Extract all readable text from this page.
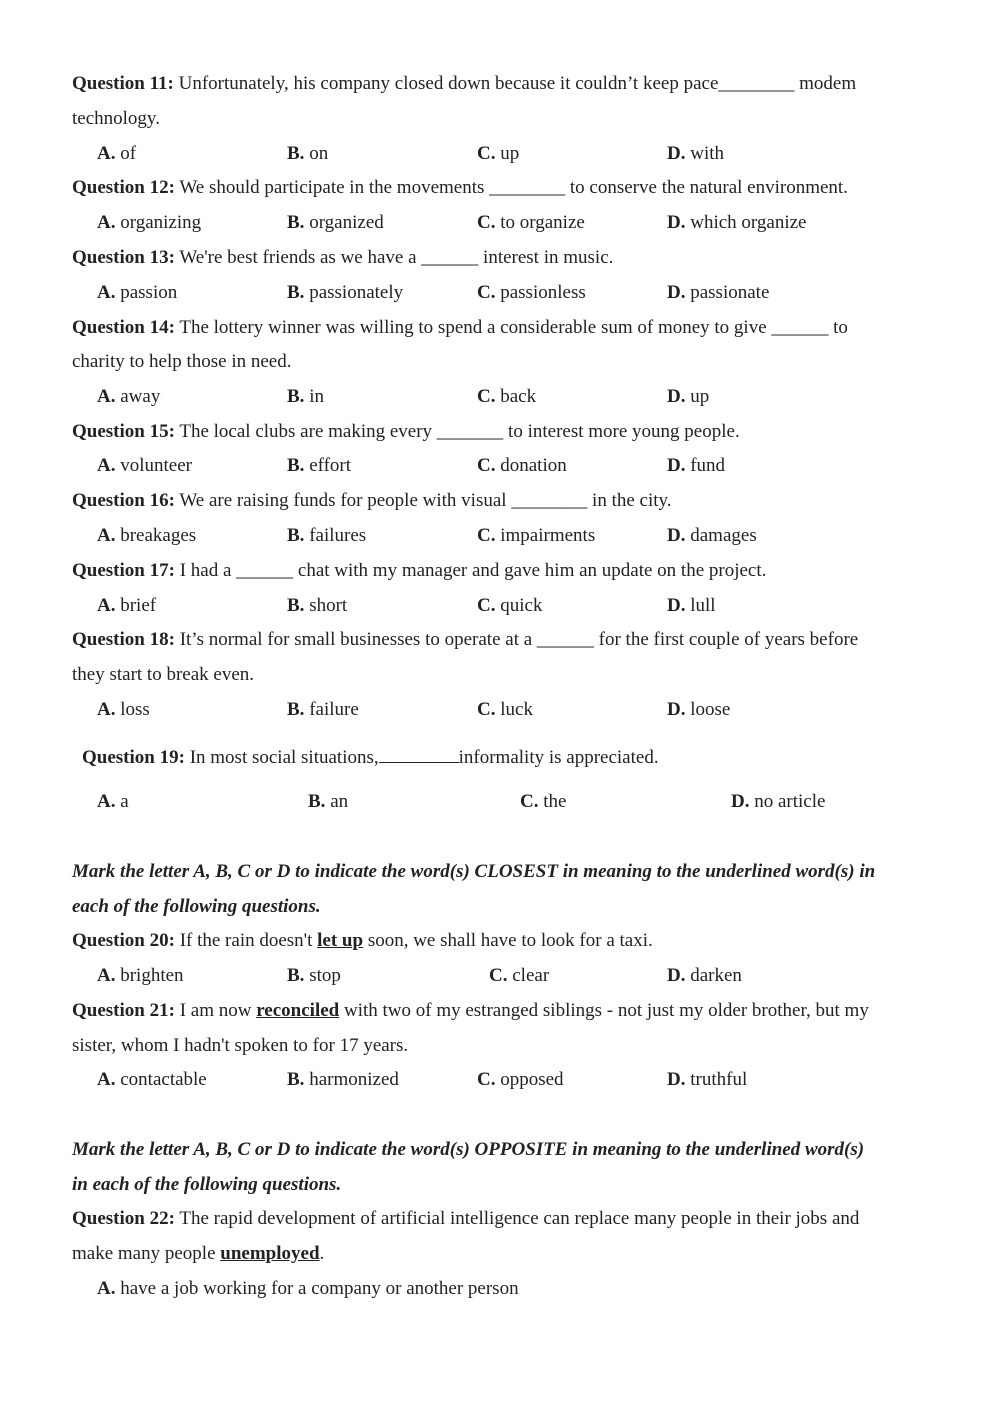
Question 11: Unfortunately, his company closed down because it couldn’t keep pace________ modem
technology.
A. of	B. on	C. up	D. with
Question 12: We should participate in the movements ________ to conserve the natural environment.
A. organizing	B. organized	C. to organize	D. which organize
Question 13: We're best friends as we have a ______ interest in music.
A. passion	B. passionately	C. passionless	D. passionate
Question 14: The lottery winner was willing to spend a considerable sum of money to give ______ to
charity to help those in need.
A. away	B. in	C. back	D. up
Question 15: The local clubs are making every _______ to interest more young people.
A. volunteer	B. effort	C. donation	D. fund
Question 16: We are raising funds for people with visual ________ in the city.
A. breakages	B. failures	C. impairments	D. damages
Question 17: I had a ______ chat with my manager and gave him an update on the project.
A. brief	B. short	C. quick	D. lull
Question 18: It’s normal for small businesses to operate at a ______ for the first couple of years before
they start to break even.
A. loss	B. failure	C. luck	D. loose
Question 19: In most social situations,	informality is appreciated.
A. a	B. an	C. the	D. no article
Mark the letter A, B, C or D to indicate the word(s) CLOSEST in meaning to the underlined word(s) in
each of the following questions.
Question 20: If the rain doesn't let up soon, we shall have to look for a taxi.
A. brighten	B. stop	C. clear	D. darken
Question 21: I am now reconciled with two of my estranged siblings - not just my older brother, but my
sister, whom I hadn't spoken to for 17 years.
A. contactable	B. harmonized	C. opposed	D. truthful
Mark the letter A, B, C or D to indicate the word(s) OPPOSITE in meaning to the underlined word(s)
in each of the following questions.
Question 22: The rapid development of artificial intelligence can replace many people in their jobs and
make many people unemployed.
A. have a job working for a company or another person
